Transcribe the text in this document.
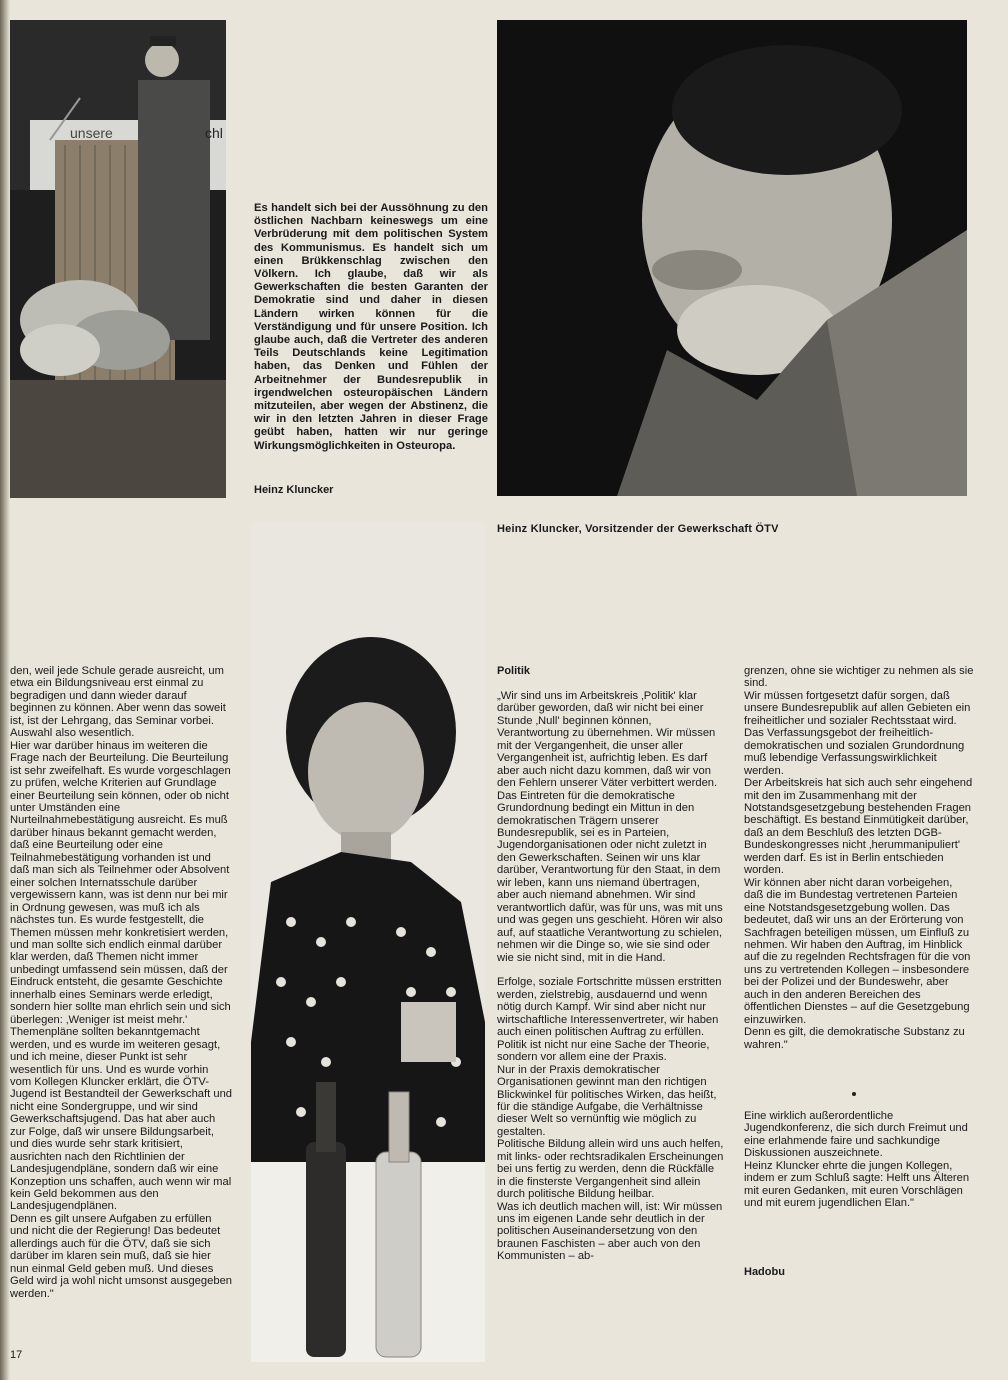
unsere	chl
Es handelt sich bei der Aussöhnung zu den östlichen Nachbarn keineswegs um eine Verbrüderung mit dem politischen System des Kommunismus. Es handelt sich um einen Brükkenschlag zwischen den Völkern. Ich glaube, daß wir als Gewerkschaften die besten Garanten der Demokratie sind und daher in diesen Ländern wirken können für die Verständigung und für unsere Position. Ich glaube auch, daß die Vertreter des anderen Teils Deutschlands keine Legitimation haben, das Denken und Fühlen der Arbeitnehmer der Bundesrepublik in irgendwelchen osteuropäischen Ländern mitzuteilen, aber wegen der Abstinenz, die wir in den letzten Jahren in dieser Frage geübt haben, hatten wir nur geringe Wirkungsmöglichkeiten in Osteuropa.
Heinz Kluncker
Heinz Kluncker, Vorsitzender der Gewerkschaft ÖTV
den, weil jede Schule gerade ausreicht, um etwa ein Bildungsniveau erst einmal zu begradigen und dann wieder darauf beginnen zu können. Aber wenn das soweit ist, ist der Lehrgang, das Seminar vorbei. Auswahl also wesentlich.
Hier war darüber hinaus im weiteren die Frage nach der Beurteilung. Die Beurteilung ist sehr zweifelhaft. Es wurde vorgeschlagen zu prüfen, welche Kriterien auf Grundlage einer Beurteilung sein können, oder ob nicht unter Umständen eine Nurteilnahmebestätigung ausreicht. Es muß darüber hinaus bekannt gemacht werden, daß eine Beurteilung oder eine Teilnahmebestätigung vorhanden ist und daß man sich als Teilnehmer oder Absolvent einer solchen Internatsschule darüber vergewissern kann, was ist denn nur bei mir in Ordnung gewesen, was muß ich als nächstes tun. Es wurde festgestellt, die Themen müssen mehr konkretisiert werden, und man sollte sich endlich einmal darüber klar werden, daß Themen nicht immer unbedingt umfassend sein müssen, daß der Eindruck entsteht, die gesamte Geschichte innerhalb eines Seminars werde erledigt, sondern hier sollte man ehrlich sein und sich überlegen: ‚Weniger ist meist mehr.'
Themenpläne sollten bekanntgemacht werden, und es wurde im weiteren gesagt, und ich meine, dieser Punkt ist sehr wesentlich für uns. Und es wurde vorhin vom Kollegen Kluncker erklärt, die ÖTV-Jugend ist Bestandteil der Gewerkschaft und nicht eine Sondergruppe, und wir sind Gewerkschaftsjugend. Das hat aber auch zur Folge, daß wir unsere Bildungsarbeit, und dies wurde sehr stark kritisiert, ausrichten nach den Richtlinien der Landesjugendpläne, sondern daß wir eine Konzeption uns schaffen, auch wenn wir mal kein Geld bekommen aus den Landesjugendplänen.
Denn es gilt unsere Aufgaben zu erfüllen und nicht die der Regierung! Das bedeutet allerdings auch für die ÖTV, daß sie sich darüber im klaren sein muß, daß sie hier nun einmal Geld geben muß. Und dieses Geld wird ja wohl nicht umsonst ausgegeben werden."
Politik
„Wir sind uns im Arbeitskreis ‚Politik' klar darüber geworden, daß wir nicht bei einer Stunde ‚Null' beginnen können, Verantwortung zu übernehmen. Wir müssen mit der Vergangenheit, die unser aller Vergangenheit ist, aufrichtig leben. Es darf aber auch nicht dazu kommen, daß wir von den Fehlern unserer Väter verbittert werden.
Das Eintreten für die demokratische Grundordnung bedingt ein Mittun in den demokratischen Trägern unserer Bundesrepublik, sei es in Parteien, Jugendorganisationen oder nicht zuletzt in den Gewerkschaften. Seinen wir uns klar darüber, Verantwortung für den Staat, in dem wir leben, kann uns niemand übertragen, aber auch niemand abnehmen. Wir sind verantwortlich dafür, was für uns, was mit uns und was gegen uns geschieht. Hören wir also auf, auf staatliche Verantwortung zu schielen, nehmen wir die Dinge so, wie sie sind oder wie sie nicht sind, mit in die Hand.

Erfolge, soziale Fortschritte müssen erstritten werden, zielstrebig, ausdauernd und wenn nötig durch Kampf. Wir sind aber nicht nur wirtschaftliche Interessenvertreter, wir haben auch einen politischen Auftrag zu erfüllen. Politik ist nicht nur eine Sache der Theorie, sondern vor allem eine der Praxis.
Nur in der Praxis demokratischer Organisationen gewinnt man den richtigen Blickwinkel für politisches Wirken, das heißt, für die ständige Aufgabe, die Verhältnisse dieser Welt so vernünftig wie möglich zu gestalten.
Politische Bildung allein wird uns auch helfen, mit links- oder rechtsradikalen Erscheinungen bei uns fertig zu werden, denn die Rückfälle in die finsterste Vergangenheit sind allein durch politische Bildung heilbar.
Was ich deutlich machen will, ist: Wir müssen uns im eigenen Lande sehr deutlich in der politischen Auseinandersetzung von den braunen Faschisten – aber auch von den Kommunisten – ab-
grenzen, ohne sie wichtiger zu nehmen als sie sind.
Wir müssen fortgesetzt dafür sorgen, daß unsere Bundesrepublik auf allen Gebieten ein freiheitlicher und sozialer Rechtsstaat wird.
Das Verfassungsgebot der freiheitlich-demokratischen und sozialen Grundordnung muß lebendige Verfassungswirklichkeit werden.
Der Arbeitskreis hat sich auch sehr eingehend mit den im Zusammenhang mit der Notstandsgesetzgebung bestehenden Fragen beschäftigt. Es bestand Einmütigkeit darüber, daß an dem Beschluß des letzten DGB-Bundeskongresses nicht ‚herummanipuliert' werden darf. Es ist in Berlin entschieden worden.
Wir können aber nicht daran vorbeigehen, daß die im Bundestag vertretenen Parteien eine Notstandsgesetzgebung wollen. Das bedeutet, daß wir uns an der Erörterung von Sachfragen beteiligen müssen, um Einfluß zu nehmen. Wir haben den Auftrag, im Hinblick auf die zu regelnden Rechtsfragen für die von uns zu vertretenden Kollegen – insbesondere bei der Polizei und der Bundeswehr, aber auch in den anderen Bereichen des öffentlichen Dienstes – auf die Gesetzgebung einzuwirken.
Denn es gilt, die demokratische Substanz zu wahren."
Eine wirklich außerordentliche Jugendkonferenz, die sich durch Freimut und eine erlahmende faire und sachkundige Diskussionen auszeichnete.
Heinz Kluncker ehrte die jungen Kollegen, indem er zum Schluß sagte: Helft uns Älteren mit euren Gedanken, mit euren Vorschlägen und mit eurem jugendlichen Elan."
Hadobu
17
